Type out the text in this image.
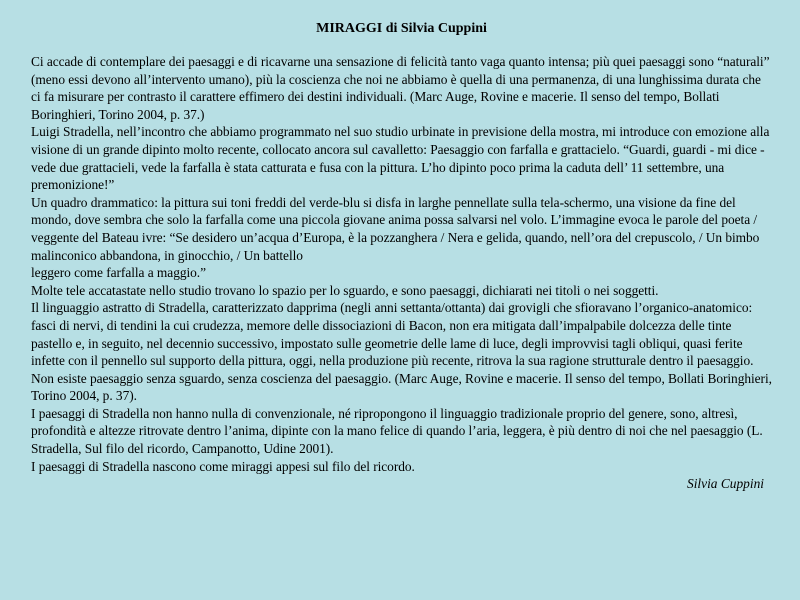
MIRAGGI di Silvia Cuppini

Ci accade di contemplare dei paesaggi e di ricavarne una sensazione di felicità tanto vaga quanto intensa; più quei paesaggi sono “naturali” (meno essi devono all’intervento umano), più la coscienza che noi ne abbiamo è quella di una permanenza, di una lunghissima durata che ci fa misurare per contrasto il carattere effimero dei destini individuali. (Marc Auge, Rovine e macerie. Il senso del tempo, Bollati Boringhieri, Torino 2004, p. 37.)

Luigi Stradella, nell’incontro che abbiamo programmato nel suo studio urbinate in previsione della mostra, mi introduce con emozione alla visione di un grande dipinto molto recente, collocato ancora sul cavalletto: Paesaggio con farfalla e grattacielo. “Guardi, guardi - mi dice - vede due grattacieli, vede la farfalla è stata catturata e fusa con la pittura. L’ho dipinto poco prima la caduta dell’ 11 settembre, una premonizione!”

Un quadro drammatico: la pittura sui toni freddi del verde-blu si disfa in larghe pennellate sulla tela-schermo, una visione da fine del mondo, dove sembra che solo la farfalla come una piccola giovane anima possa salvarsi nel volo. L’immagine evoca le parole del poeta / veggente del Bateau ivre: “Se desidero un’acqua d’Europa, è la pozzanghera / Nera e gelida, quando, nell’ora del crepuscolo, / Un bimbo malinconico abbandona, in ginocchio, / Un battello

leggero come farfalla a maggio.”

Molte tele accatastate nello studio trovano lo spazio per lo sguardo, e sono paesaggi, dichiarati nei titoli o nei soggetti.

Il linguaggio astratto di Stradella, caratterizzato dapprima (negli anni settanta/ottanta) dai grovigli che sfioravano l’organico-anatomico: fasci di nervi, di tendini la cui crudezza, memore delle dissociazioni di Bacon, non era mitigata dall’impalpabile dolcezza delle tinte pastello e, in seguito, nel decennio successivo, impostato sulle geometrie delle lame di luce, degli improvvisi tagli obliqui, quasi ferite infette con il pennello sul supporto della pittura, oggi, nella produzione più recente, ritrova la sua ragione strutturale dentro il paesaggio.

Non esiste paesaggio senza sguardo, senza coscienza del paesaggio. (Marc Auge, Rovine e macerie. Il senso del tempo, Bollati Boringhieri, Torino 2004, p. 37).

I paesaggi di Stradella non hanno nulla di convenzionale, né ripropongono il linguaggio tradizionale proprio del genere, sono, altresì, profondità e altezze ritrovate dentro l’anima, dipinte con la mano felice di quando l’aria, leggera, è più dentro di noi che nel paesaggio (L. Stradella, Sul filo del ricordo, Campanotto, Udine 2001).

I paesaggi di Stradella nascono come miraggi appesi sul filo del ricordo.

Silvia Cuppini
